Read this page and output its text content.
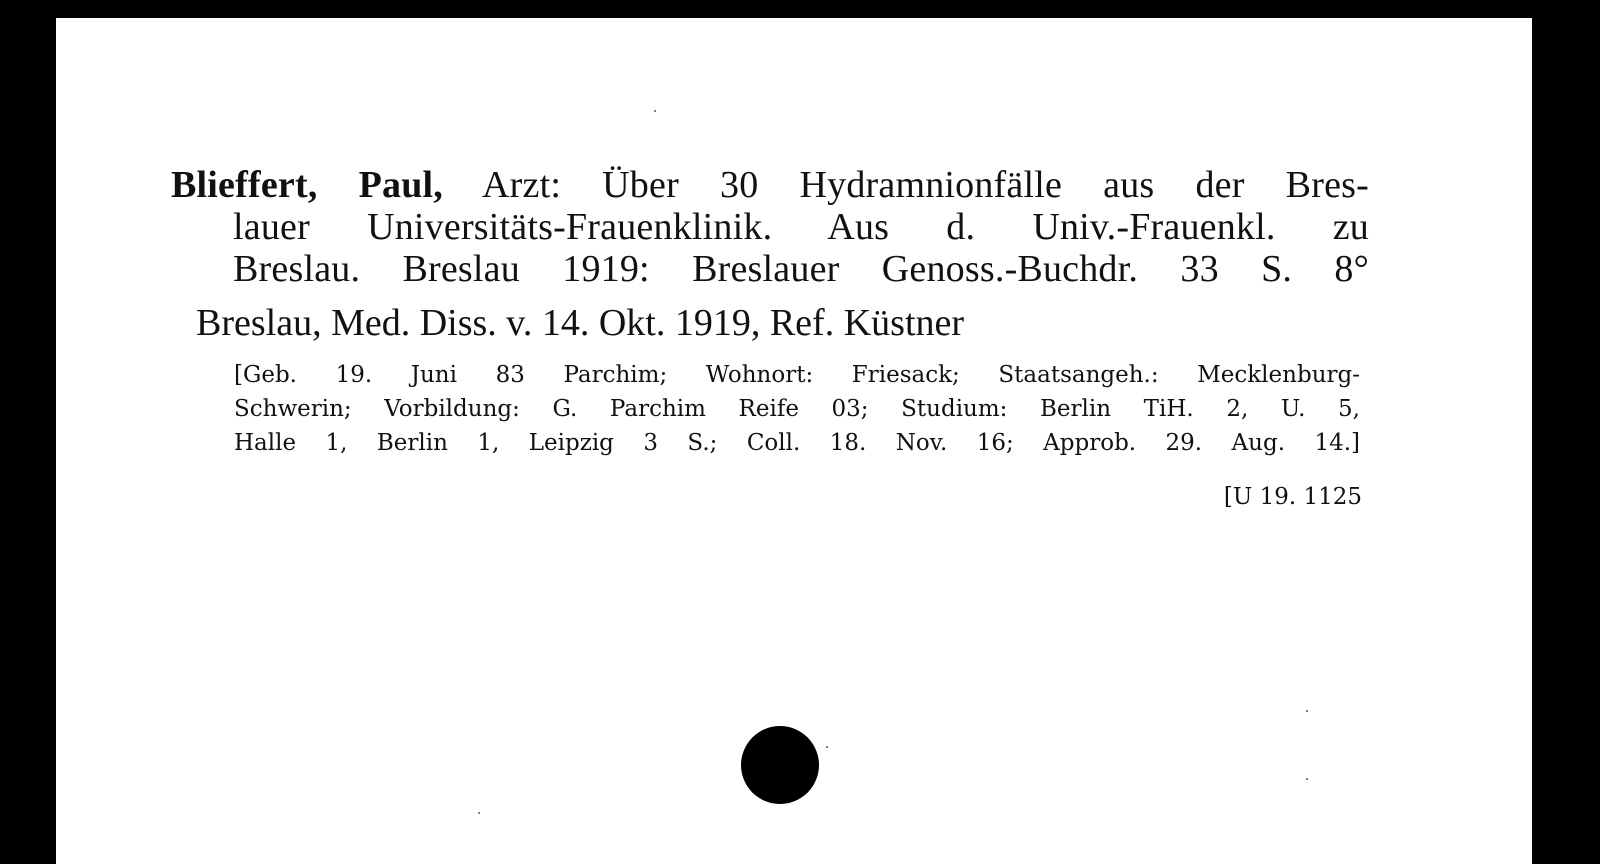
Blieffert, Paul, Arzt: Über 30 Hydramnionfälle aus der Bres-
lauer Universitäts-Frauenklinik. Aus d. Univ.-Frauenkl. zu
Breslau. Breslau 1919: Breslauer Genoss.-Buchdr. 33 S. 8°
Breslau, Med. Diss. v. 14. Okt. 1919, Ref. Küstner
[Geb. 19. Juni 83 Parchim; Wohnort: Friesack; Staatsangeh.: Mecklenburg-
Schwerin; Vorbildung: G. Parchim Reife 03; Studium: Berlin TiH. 2, U. 5,
Halle 1, Berlin 1, Leipzig 3 S.; Coll. 18. Nov. 16; Approb. 29. Aug. 14.]
[U 19. 1125
